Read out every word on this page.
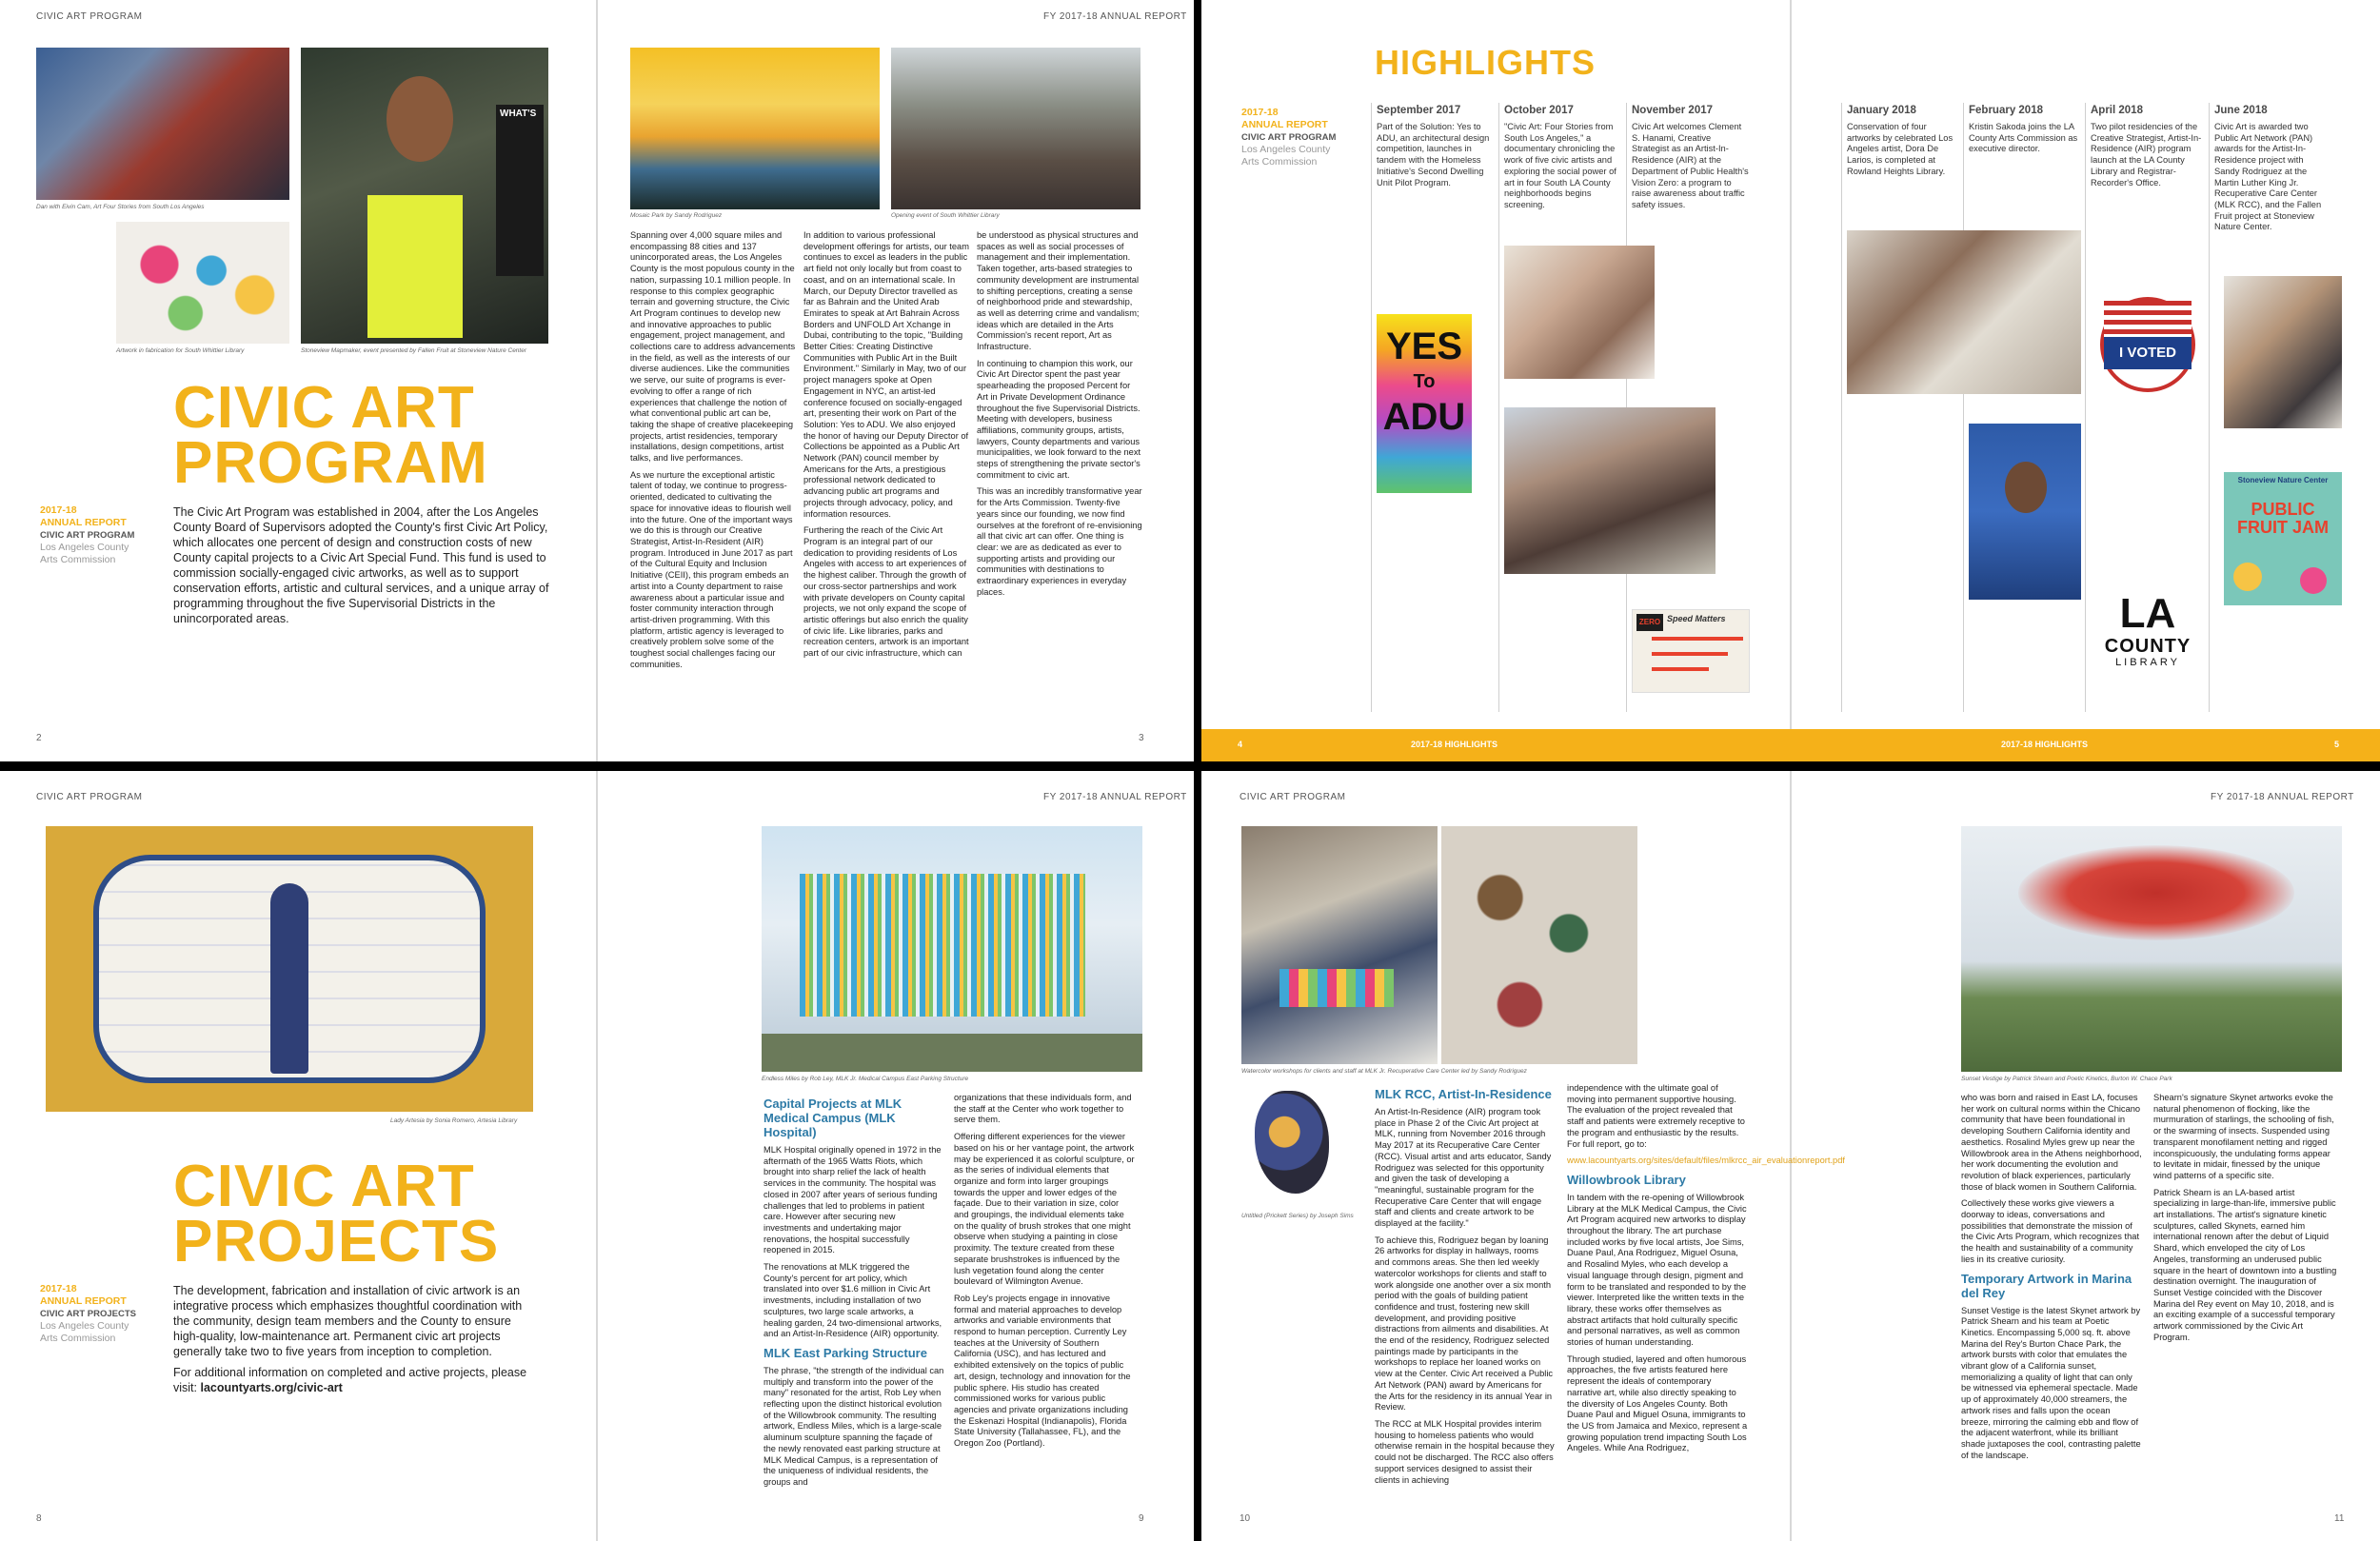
CIVIC ART PROGRAM	FY 2017-18 ANNUAL REPORT
Dan with Eivin Cam, Art Four Stories from South Los Angeles
Artwork in fabrication for South Whittier Library
WHAT'S
Stoneview Mapmaker, event presented by Fallen Fruit at Stoneview Nature Center
Mosaic Park by Sandy Rodriguez	Opening event of South Whittier Library
CIVIC ART
PROGRAM
2017-18
ANNUAL REPORT
CIVIC ART PROGRAM
Los Angeles County
Arts Commission
The Civic Art Program was established in 2004, after the Los Angeles County Board of Supervisors adopted the County's first Civic Art Policy, which allocates one percent of design and construction costs of new County capital projects to a Civic Art Special Fund. This fund is used to commission socially-engaged civic artworks, as well as to support conservation efforts, artistic and cultural services, and a unique array of programming throughout the five Supervisorial Districts in the unincorporated areas.

Spanning over 4,000 square miles and encompassing 88 cities and 137 unincorporated areas, the Los Angeles County is the most populous county in the nation, surpassing 10.1 million people. In response to this complex geographic terrain and governing structure, the Civic Art Program continues to develop new and innovative approaches to public engagement, project management, and collections care to address advancements in the field, as well as the interests of our diverse audiences. Like the communities we serve, our suite of programs is ever-evolving to offer a range of rich experiences that challenge the notion of what conventional public art can be, taking the shape of creative placekeeping projects, artist residencies, temporary installations, design competitions, artist talks, and live performances.

As we nurture the exceptional artistic talent of today, we continue to progress-oriented, dedicated to cultivating the space for innovative ideas to flourish well into the future. One of the important ways we do this is through our Creative Strategist, Artist-In-Resident (AIR) program. Introduced in June 2017 as part of the Cultural Equity and Inclusion Initiative (CEII), this program embeds an artist into a County department to raise awareness about a particular issue and foster community interaction through artist-driven programming. With this platform, artistic agency is leveraged to creatively problem solve some of the toughest social challenges facing our communities.

In addition to various professional development offerings for artists, our team continues to excel as leaders in the public art field not only locally but from coast to coast, and on an international scale. In March, our Deputy Director travelled as far as Bahrain and the United Arab Emirates to speak at Art Bahrain Across Borders and UNFOLD Art Xchange in Dubai, contributing to the topic, "Building Better Cities: Creating Distinctive Communities with Public Art in the Built Environment." Similarly in May, two of our project managers spoke at Open Engagement in NYC, an artist-led conference focused on socially-engaged art, presenting their work on Part of the Solution: Yes to ADU. We also enjoyed the honor of having our Deputy Director of Collections be appointed as a Public Art Network (PAN) council member by Americans for the Arts, a prestigious professional network dedicated to advancing public art programs and projects through advocacy, policy, and information resources.

Furthering the reach of the Civic Art Program is an integral part of our dedication to providing residents of Los Angeles with access to art experiences of the highest caliber. Through the growth of our cross-sector partnerships and work with private developers on County capital projects, we not only expand the scope of artistic offerings but also enrich the quality of civic life. Like libraries, parks and recreation centers, artwork is an important part of our civic infrastructure, which can

be understood as physical structures and spaces as well as social processes of management and their implementation. Taken together, arts-based strategies to community development are instrumental to shifting perceptions, creating a sense of neighborhood pride and stewardship, as well as deterring crime and vandalism; ideas which are detailed in the Arts Commission's recent report, Art as Infrastructure.

In continuing to champion this work, our Civic Art Director spent the past year spearheading the proposed Percent for Art in Private Development Ordinance throughout the five Supervisorial Districts. Meeting with developers, business affiliations, community groups, artists, lawyers, County departments and various municipalities, we look forward to the next steps of strengthening the private sector's commitment to civic art.

This was an incredibly transformative year for the Arts Commission. Twenty-five years since our founding, we now find ourselves at the forefront of re-envisioning all that civic art can offer. One thing is clear: we are as dedicated as ever to supporting artists and providing our communities with destinations to extraordinary experiences in everyday places.

2	3
HIGHLIGHTS
2017-18
ANNUAL REPORT
CIVIC ART PROGRAM
Los Angeles County
Arts Commission
September 2017
Part of the Solution: Yes to ADU, an architectural design competition, launches in tandem with the Homeless Initiative's Second Dwelling Unit Pilot Program.
October 2017
"Civic Art: Four Stories from South Los Angeles," a documentary chronicling the work of five civic artists and exploring the social power of art in four South LA County neighborhoods begins screening.
November 2017
Civic Art welcomes Clement S. Hanami, Creative Strategist as an Artist-In-Residence (AIR) at the Department of Public Health's Vision Zero: a program to raise awareness about traffic safety issues.
January 2018
Conservation of four artworks by celebrated Los Angeles artist, Dora De Larios, is completed at Rowland Heights Library.
February 2018
Kristin Sakoda joins the LA County Arts Commission as executive director.
April 2018
Two pilot residencies of the Creative Strategist, Artist-In-Residence (AIR) program launch at the LA County Library and Registrar-Recorder's Office.
June 2018
Civic Art is awarded two Public Art Network (PAN) awards for the Artist-In-Residence project with Sandy Rodriguez at the Martin Luther King Jr. Recuperative Care Center (MLK RCC), and the Fallen Fruit project at Stoneview Nature Center.
YES
To
ADU
ZERO Speed Matters
I VOTED
LA
COUNTY
LIBRARY
Stoneview Nature Center
PUBLIC FRUIT JAM
4	2017-18 HIGHLIGHTS	2017-18 HIGHLIGHTS	5
CIVIC ART PROGRAM	FY 2017-18 ANNUAL REPORT
Lady Artesia by Sonia Romero, Artesia Library
CIVIC ART
PROJECTS
2017-18
ANNUAL REPORT
CIVIC ART PROJECTS
Los Angeles County
Arts Commission
The development, fabrication and installation of civic artwork is an integrative process which emphasizes thoughtful coordination with the community, design team members and the County to ensure high-quality, low-maintenance art. Permanent civic art projects generally take two to five years from inception to completion.
For additional information on completed and active projects, please visit: lacountyarts.org/civic-art
Endless Miles by Rob Ley, MLK Jr. Medical Campus East Parking Structure
Capital Projects at MLK Medical Campus (MLK Hospital)

MLK Hospital originally opened in 1972 in the aftermath of the 1965 Watts Riots, which brought into sharp relief the lack of health services in the community. The hospital was closed in 2007 after years of serious funding challenges that led to problems in patient care. However after securing new investments and undertaking major renovations, the hospital successfully reopened in 2015.

The renovations at MLK triggered the County's percent for art policy, which translated into over $1.6 million in Civic Art investments, including installation of two sculptures, two large scale artworks, a healing garden, 24 two-dimensional artworks, and an Artist-In-Residence (AIR) opportunity.

MLK East Parking Structure

The phrase, "the strength of the individual can multiply and transform into the power of the many" resonated for the artist, Rob Ley when reflecting upon the distinct historical evolution of the Willowbrook community. The resulting artwork, Endless Miles, which is a large-scale aluminum sculpture spanning the façade of the newly renovated east parking structure at MLK Medical Campus, is a representation of the uniqueness of individual residents, the groups and

organizations that these individuals form, and the staff at the Center who work together to serve them.

Offering different experiences for the viewer based on his or her vantage point, the artwork may be experienced it as colorful sculpture, or as the series of individual elements that organize and form into larger groupings towards the upper and lower edges of the façade. Due to their variation in size, color and groupings, the individual elements take on the quality of brush strokes that one might observe when studying a painting in close proximity. The texture created from these separate brushstrokes is influenced by the lush vegetation found along the center boulevard of Wilmington Avenue.

Rob Ley's projects engage in innovative formal and material approaches to develop artworks and variable environments that respond to human perception. Currently Ley teaches at the University of Southern California (USC), and has lectured and exhibited extensively on the topics of public art, design, technology and innovation for the public sphere. His studio has created commissioned works for various public agencies and private organizations including the Eskenazi Hospital (Indianapolis), Florida State University (Tallahassee, FL), and the Oregon Zoo (Portland).

8	9
CIVIC ART PROGRAM	FY 2017-18 ANNUAL REPORT
Watercolor workshops for clients and staff at MLK Jr. Recuperative Care Center led by Sandy Rodriguez
Untitled (Prickett Series) by Joseph Sims
MLK RCC, Artist-In-Residence

An Artist-In-Residence (AIR) program took place in Phase 2 of the Civic Art project at MLK, running from November 2016 through May 2017 at its Recuperative Care Center (RCC). Visual artist and arts educator, Sandy Rodriguez was selected for this opportunity and given the task of developing a "meaningful, sustainable program for the Recuperative Care Center that will engage staff and clients and create artwork to be displayed at the facility."

To achieve this, Rodriguez began by loaning 26 artworks for display in hallways, rooms and commons areas. She then led weekly watercolor workshops for clients and staff to work alongside one another over a six month period with the goals of building patient confidence and trust, fostering new skill development, and providing positive distractions from ailments and disabilities. At the end of the residency, Rodriguez selected paintings made by participants in the workshops to replace her loaned works on view at the Center. Civic Art received a Public Art Network (PAN) award by Americans for the Arts for the residency in its annual Year in Review.

The RCC at MLK Hospital provides interim housing to homeless patients who would otherwise remain in the hospital because they could not be discharged. The RCC also offers support services designed to assist their clients in achieving

independence with the ultimate goal of moving into permanent supportive housing. The evaluation of the project revealed that staff and patients were extremely receptive to the program and enthusiastic by the results. For full report, go to:

www.lacountyarts.org/sites/default/files/mlkrcc_air_evaluationreport.pdf

Willowbrook Library

In tandem with the re-opening of Willowbrook Library at the MLK Medical Campus, the Civic Art Program acquired new artworks to display throughout the library. The art purchase included works by five local artists, Joe Sims, Duane Paul, Ana Rodriguez, Miguel Osuna, and Rosalind Myles, who each develop a visual language through design, pigment and form to be translated and responded to by the viewer. Interpreted like the written texts in the library, these works offer themselves as abstract artifacts that hold culturally specific and personal narratives, as well as common stories of human understanding.

Through studied, layered and often humorous approaches, the five artists featured here represent the ideals of contemporary narrative art, while also directly speaking to the diversity of Los Angeles County. Both Duane Paul and Miguel Osuna, immigrants to the US from Jamaica and Mexico, represent a growing population trend impacting South Los Angeles. While Ana Rodriguez,

Sunset Vestige by Patrick Shearn and Poetic Kinetics, Burton W. Chace Park

who was born and raised in East LA, focuses her work on cultural norms within the Chicano community that have been foundational in developing Southern California identity and aesthetics. Rosalind Myles grew up near the Willowbrook area in the Athens neighborhood, her work documenting the evolution and revolution of black experiences, particularly those of black women in Southern California.

Collectively these works give viewers a doorway to ideas, conversations and possibilities that demonstrate the mission of the Civic Arts Program, which recognizes that the health and sustainability of a community lies in its creative curiosity.

Temporary Artwork in Marina del Rey

Sunset Vestige is the latest Skynet artwork by Patrick Shearn and his team at Poetic Kinetics. Encompassing 5,000 sq. ft. above Marina del Rey's Burton Chace Park, the artwork bursts with color that emulates the vibrant glow of a California sunset, memorializing a quality of light that can only be witnessed via ephemeral spectacle. Made up of approximately 40,000 streamers, the artwork rises and falls upon the ocean breeze, mirroring the calming ebb and flow of the adjacent waterfront, while its brilliant shade juxtaposes the cool, contrasting palette of the landscape.

Shearn's signature Skynet artworks evoke the natural phenomenon of flocking, like the murmuration of starlings, the schooling of fish, or the swarming of insects. Suspended using transparent monofilament netting and rigged inconspicuously, the undulating forms appear to levitate in midair, finessed by the unique wind patterns of a specific site.

Patrick Shearn is an LA-based artist specializing in large-than-life, immersive public art installations. The artist's signature kinetic sculptures, called Skynets, earned him international renown after the debut of Liquid Shard, which enveloped the city of Los Angeles, transforming an underused public square in the heart of downtown into a bustling destination overnight. The inauguration of Sunset Vestige coincided with the Discover Marina del Rey event on May 10, 2018, and is an exciting example of a successful temporary artwork commissioned by the Civic Art Program.

10	11
